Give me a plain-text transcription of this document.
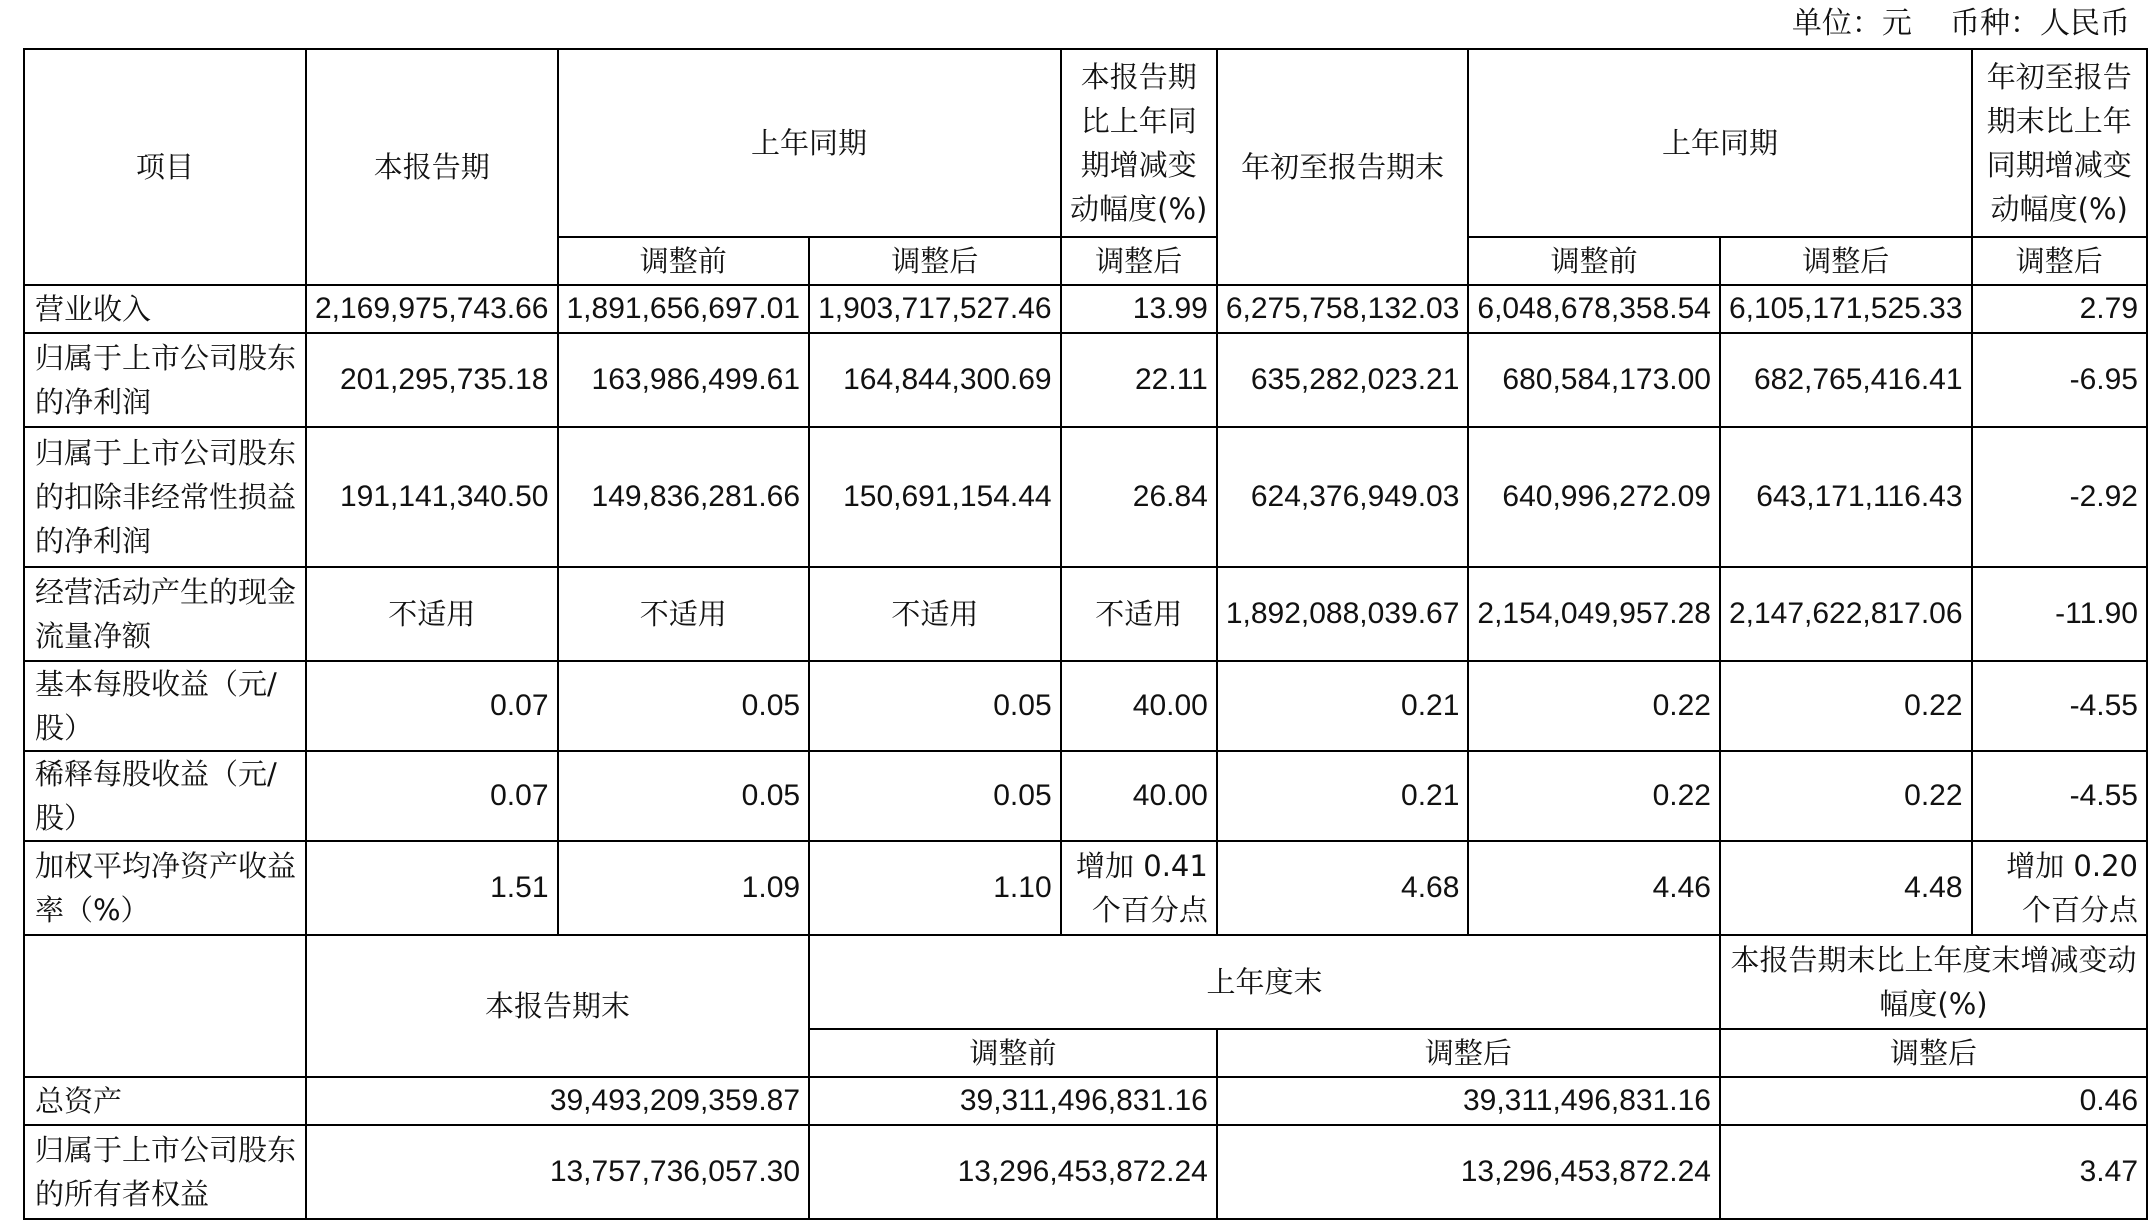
单位：元    币种：人民币
项目	本报告期	上年同期		本报告期比上年同期增减变动幅度(%)	年初至报告期末	上年同期		年初至报告期末比上年同期增减变动幅度(%)
		调整前	调整后	调整后		调整前	调整后	调整后
营业收入	2,169,975,743.66	1,891,656,697.01	1,903,717,527.46	13.99	6,275,758,132.03	6,048,678,358.54	6,105,171,525.33	2.79
归属于上市公司股东的净利润	201,295,735.18	163,986,499.61	164,844,300.69	22.11	635,282,023.21	680,584,173.00	682,765,416.41	-6.95
归属于上市公司股东的扣除非经常性损益的净利润	191,141,340.50	149,836,281.66	150,691,154.44	26.84	624,376,949.03	640,996,272.09	643,171,116.43	-2.92
经营活动产生的现金流量净额	不适用	不适用	不适用	不适用	1,892,088,039.67	2,154,049,957.28	2,147,622,817.06	-11.90
基本每股收益（元/股）	0.07	0.05	0.05	40.00	0.21	0.22	0.22	-4.55
稀释每股收益（元/股）	0.07	0.05	0.05	40.00	0.21	0.22	0.22	-4.55
加权平均净资产收益率（%）	1.51	1.09	1.10	增加 0.41 个百分点	4.68	4.46	4.48	增加 0.20 个百分点
	本报告期末		上年度末				本报告期末比上年度末增减变动幅度(%)	
			调整前		调整后		调整后	
总资产	39,493,209,359.87		39,311,496,831.16		39,311,496,831.16		0.46	
归属于上市公司股东的所有者权益	13,757,736,057.30		13,296,453,872.24		13,296,453,872.24		3.47	
